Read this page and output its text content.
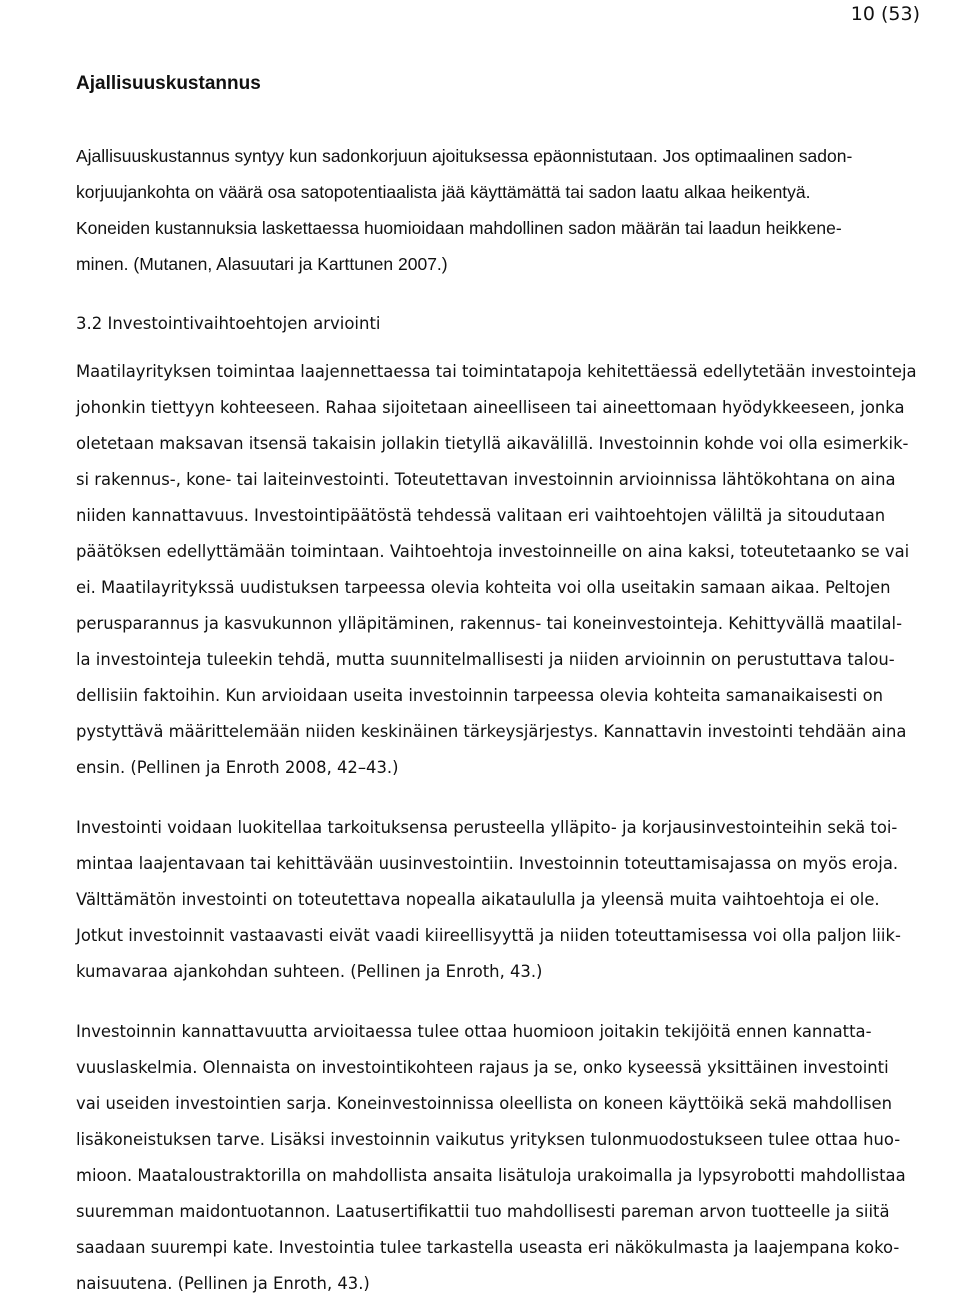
10 (53)
Ajallisuuskustannus
Ajallisuuskustannus syntyy kun sadonkorjuun ajoituksessa epäonnistutaan. Jos optimaalinen sadon-
korjuujankohta on väärä osa satopotentiaalista jää käyttämättä tai sadon laatu alkaa heikentyä.
Koneiden kustannuksia laskettaessa huomioidaan mahdollinen sadon määrän tai laadun heikkene-
minen. (Mutanen, Alasuutari ja Karttunen 2007.)
3.2 Investointivaihtoehtojen arviointi
Maatilayrityksen toimintaa laajennettaessa tai toimintatapoja kehitettäessä edellytetään investointeja
johonkin tiettyyn kohteeseen. Rahaa sijoitetaan aineelliseen tai aineettomaan hyödykkeeseen, jonka
oletetaan maksavan itsensä takaisin jollakin tietyllä aikavälillä. Investoinnin kohde voi olla esimerkik-
si rakennus-, kone- tai laiteinvestointi. Toteutettavan investoinnin arvioinnissa lähtökohtana on aina
niiden kannattavuus. Investointipäätöstä tehdessä valitaan eri vaihtoehtojen väliltä ja sitoudutaan
päätöksen edellyttämään toimintaan. Vaihtoehtoja investoinneille on aina kaksi, toteutetaanko se vai
ei. Maatilayritykssä uudistuksen tarpeessa olevia kohteita voi olla useitakin samaan aikaa. Peltojen
perusparannus ja kasvukunnon ylläpitäminen, rakennus- tai koneinvestointeja. Kehittyvällä maatilal-
la investointeja tuleekin tehdä, mutta suunnitelmallisesti ja niiden arvioinnin on perustuttava talou-
dellisiin faktoihin. Kun arvioidaan useita investoinnin tarpeessa olevia kohteita samanaikaisesti on
pystyttävä määrittelemään niiden keskinäinen tärkeysjärjestys. Kannattavin investointi tehdään aina
ensin. (Pellinen ja Enroth 2008, 42–43.)
Investointi voidaan luokitellaa tarkoituksensa perusteella ylläpito- ja korjausinvestointeihin sekä toi-
mintaa laajentavaan tai kehittävään uusinvestointiin. Investoinnin toteuttamisajassa on myös eroja.
Välttämätön investointi on toteutettava nopealla aikataululla ja yleensä muita vaihtoehtoja ei ole.
Jotkut investoinnit vastaavasti eivät vaadi kiireellisyyttä ja niiden toteuttamisessa voi olla paljon liik-
kumavaraa ajankohdan suhteen. (Pellinen ja Enroth, 43.)
Investoinnin kannattavuutta arvioitaessa tulee ottaa huomioon joitakin tekijöitä ennen kannatta-
vuuslaskelmia. Olennaista on investointikohteen rajaus ja se, onko kyseessä yksittäinen investointi
vai useiden investointien sarja. Koneinvestoinnissa oleellista on koneen käyttöikä sekä mahdollisen
lisäkoneistuksen tarve. Lisäksi investoinnin vaikutus yrityksen tulonmuodostukseen tulee ottaa huo-
mioon. Maataloustraktorilla on mahdollista ansaita lisätuloja urakoimalla ja lypsyrobotti mahdollistaa
suuremman maidontuotannon. Laatusertifikattii tuo mahdollisesti pareman arvon tuotteelle ja siitä
saadaan suurempi kate. Investointia tulee tarkastella useasta eri näkökulmasta ja laajempana koko-
naisuutena. (Pellinen ja Enroth, 43.)
